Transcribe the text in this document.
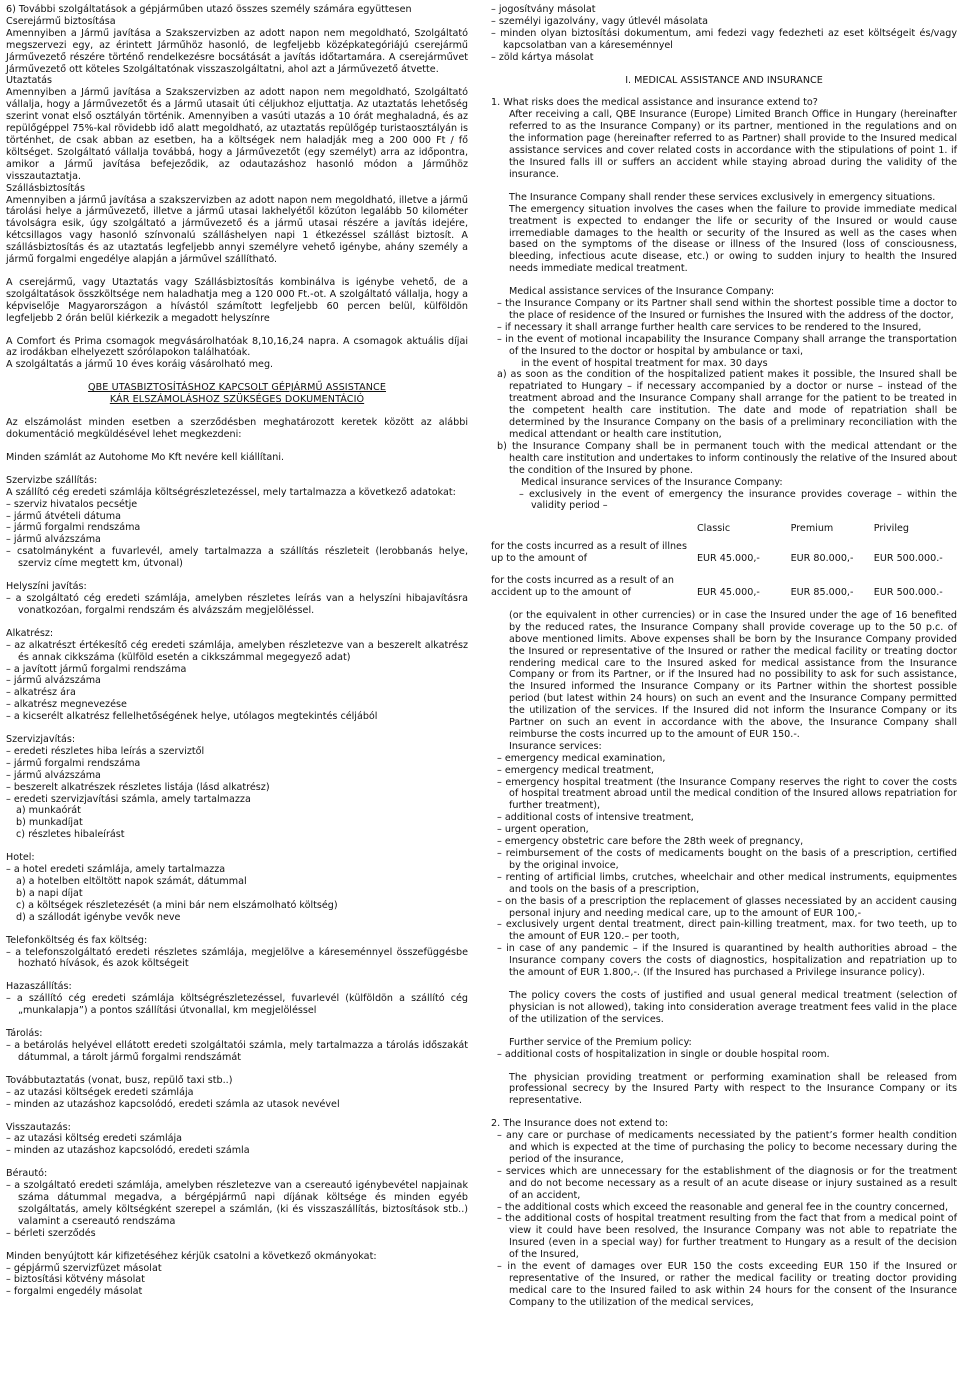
6) További szolgáltatások a gépjárműben utazó összes személy számára együttesen

Cserejármű biztosítása

Amennyiben a Jármű javítása a Szakszervizben az adott napon nem megoldható, Szolgáltató megszervezi egy, az érintett Járműhöz hasonló, de legfeljebb középkategóriájú cserejármű Járművezető részére történő rendelkezésre bocsátását a javítás időtartamára. A cserejárművet Járművezető ott köteles Szolgáltatónak visszaszolgáltatni, ahol azt a Járművezető átvette.

Utaztatás

Amennyiben a Jármű javítása a Szakszervizben az adott napon nem megoldható, Szolgáltató vállalja, hogy a Járművezetőt és a Jármű utasait úti céljukhoz eljuttatja. Az utaztatás lehetőség szerint vonat első osztályán történik. Amennyiben a vasúti utazás a 10 órát meghaladná, és az repülőgéppel 75%-kal rövidebb idő alatt megoldható, az utaztatás repülőgép turistaosztályán is történhet, de csak abban az esetben, ha a költségek nem haladják meg a 200 000 Ft / fő költséget. Szolgáltató vállalja továbbá, hogy a Járművezetőt (egy személyt) arra az időpontra, amikor a Jármű javítása befejeződik, az odautazáshoz hasonló módon a Járműhöz visszautaztatja.

Szállásbiztosítás

Amennyiben a jármű javítása a szakszervizben az adott napon nem megoldható, illetve a jármű tárolási helye a járművezető, illetve a jármű utasai lakhelyétől közúton legalább 50 kilométer távolságra esik, úgy szolgáltató a járművezető és a jármű utasai részére a javítás idejére, kétcsillagos vagy hasonló színvonalú szálláshelyen napi 1 étkezéssel szállást biztosít. A szállásbiztosítás és az utaztatás legfeljebb annyi személyre vehető igénybe, ahány személy a jármű forgalmi engedélye alapján a járművel szállítható.

A cserejármű, vagy Utaztatás vagy Szállásbiztosítás kombinálva is igénybe vehető, de a szolgáltatások összköltsége nem haladhatja meg a 120 000 Ft.-ot. A szolgáltató vállalja, hogy a képviselője Magyarországon a hívástól számított legfeljebb 60 percen belül, külföldön legfeljebb 2 órán belül kiérkezik a megadott helyszínre

A Comfort és Prima csomagok megvásárolhatóak 8,10,16,24 napra. A csomagok aktuális díjai az irodákban elhelyezett szórólapokon találhatóak.

A szolgáltatás a jármű 10 éves koráig vásárolható meg.

QBE UTASBIZTOSÍTÁSHOZ KAPCSOLT GÉPJÁRMŰ ASSISTANCE

KÁR ELSZÁMOLÁSHOZ SZÜKSÉGES DOKUMENTÁCIÓ

Az elszámolást minden esetben a szerződésben meghatározott keretek között az alábbi dokumentáció megküldésével lehet megkezdeni:

Minden számlát az Autohome Mo Kft nevére kell kiállítani.

Szervizbe szállítás:

A szállító cég eredeti számlája költségrészletezéssel, mely tartalmazza a következő adatokat:

– szerviz hivatalos pecsétje

– jármű átvételi dátuma

– jármű forgalmi rendszáma

– jármű alvázszáma

– csatolmányként a fuvarlevél, amely tartalmazza a szállítás részleteit (lerobbanás helye, szerviz címe megtett km, útvonal)

Helyszíni javítás:

– a szolgáltató cég eredeti számlája, amelyben részletes leírás van a helyszíni hibajavításra vonatkozóan, forgalmi rendszám és alvázszám megjelöléssel.

Alkatrész:

– az alkatrészt értékesítő cég eredeti számlája, amelyben részletezve van a beszerelt alkatrész és annak cikkszáma (külföld esetén a cikkszámmal megegyező adat)

– a javított jármű forgalmi rendszáma

– jármű alvázszáma

– alkatrész ára

– alkatrész megnevezése

– a kicserélt alkatrész fellelhetőségének helye, utólagos megtekintés céljából

Szervizjavítás:

– eredeti részletes hiba leírás a szerviztől

– jármű forgalmi rendszáma

– jármű alvázszáma

– beszerelt alkatrészek részletes listája (lásd alkatrész)

– eredeti szervizjavítási számla, amely tartalmazza

a) munkaórát

b) munkadíjat

c) részletes hibaleírást

Hotel:

– a hotel eredeti számlája, amely tartalmazza

a) a hotelben eltöltött napok számát, dátummal

b) a napi díjat

c) a költségek részletezését (a mini bár nem elszámolható költség)

d) a szállodát igénybe vevők neve

Telefonköltség és fax költség:

– a telefonszolgáltató eredeti részletes számlája, megjelölve a káreseménnyel összefüggésbe hozható hívások, és azok költségeit

Hazaszállítás:

– a szállító cég eredeti számlája költségrészletezéssel, fuvarlevél (külföldön a szállító cég „munkalapja”) a pontos szállítási útvonallal, km megjelöléssel

Tárolás:

– a betárolás helyével ellátott eredeti szolgáltatói számla, mely tartalmazza a tárolás időszakát dátummal, a tárolt jármű forgalmi rendszámát

Továbbutaztatás (vonat, busz, repülő taxi stb..)

– az utazási költségek eredeti számlája

– minden az utazáshoz kapcsolódó, eredeti számla az utasok nevével

Visszautazás:

– az utazási költség eredeti számlája

– minden az utazáshoz kapcsolódó, eredeti számla

Bérautó:

– a szolgáltató eredeti számlája, amelyben részletezve van a csereautó igénybevétel napjainak száma dátummal megadva, a bérgépjármű napi díjának költsége és minden egyéb szolgáltatás, amely költségként szerepel a számlán, (ki és visszaszállítás, biztosítások stb..) valamint a csereautó rendszáma

– bérleti szerződés

Minden benyújtott kár kifizetéséhez kérjük csatolni a következő okmányokat:

– gépjármű szervizfüzet másolat

– biztosítási kötvény másolat

– forgalmi engedély másolat

– jogosítvány másolat

– személyi igazolvány, vagy útlevél másolata

– minden olyan biztosítási dokumentum, ami fedezi vagy fedezheti az eset költségeit és/vagy kapcsolatban van a káreseménnyel

– zöld kártya másolat

I. MEDICAL ASSISTANCE AND INSURANCE

1. What risks does the medical assistance and insurance extend to?

After receiving a call, QBE Insurance (Europe) Limited Branch Office in Hungary (hereinafter referred to as the Insurance Company) or its partner, mentioned in the regulations and on the information page (hereinafter referred to as Partner) shall provide to the Insured medical assistance services and cover related costs in accordance with the stipulations of point 1. if the Insured falls ill or suffers an accident while staying abroad during the validity of the insurance.

The Insurance Company shall render these services exclusively in emergency situations.

The emergency situation involves the cases when the failure to provide immediate medical treatment is expected to endanger the life or security of the Insured or would cause irremediable damages to the health or security of the Insured as well as the cases when based on the symptoms of the disease or illness of the Insured (loss of consciousness, bleeding, infectious acute disease, etc.) or owing to sudden injury to health the Insured needs immediate medical treatment.

Medical assistance services of the Insurance Company:

– the Insurance Company or its Partner shall send within the shortest possible time a doctor to the place of residence of the Insured or furnishes the Insured with the address of the doctor,

– if necessary it shall arrange further health care services to be rendered to the Insured,

– in the event of motional incapability the Insurance Company shall arrange the transportation of the Insured to the doctor or hospital by ambulance or taxi,

in the event of hospital treatment for max. 30 days

a) as soon as the condition of the hospitalized patient makes it possible, the Insured shall be repatriated to Hungary – if necessary accompanied by a doctor or nurse – instead of the treatment abroad and the Insurance Company shall arrange for the patient to be treated in the competent health care institution. The date and mode of repatriation shall be determined by the Insurance Company on the basis of a preliminary reconciliation with the medical attendant or health care institution,

b) the Insurance Company shall be in permanent touch with the medical attendant or the health care institution and undertakes to inform continously the relative of the Insured about the condition of the Insured by phone.

Medical insurance services of the Insurance Company:

– exclusively in the event of emergency the insurance provides coverage – within the validity period –

	Classic	Premium	Privileg

for the costs incurred as a result of illnes up to the amount of	EUR 45.000,-	EUR 80.000,-	EUR 500.000.-

for the costs incurred as a result of an accident up to the amount of	EUR 45.000,-	EUR 85.000,-	EUR 500.000.-

(or the equivalent in other currencies) or in case the Insured under the age of 16 benefited by the reduced rates, the Insurance Company shall provide coverage up to the 50 p.c. of above mentioned limits. Above expenses shall be born by the Insurance Company provided the Insured or representative of the Insured or rather the medical facility or treating doctor rendering medical care to the Insured asked for medical assistance from the Insurance Company or from its Partner, or if the Insured had no possibility to ask for such assistance, the Insured informed the Insurance Company or its Partner within the shortest possible period (but latest within 24 hours) on such an event and the Insurance Company permitted the utilization of the services. If the Insured did not inform the Insurance Company or its Partner on such an event in accordance with the above, the Insurance Company shall reimburse the costs incurred up to the amount of EUR 150.-.

Insurance services:

– emergency medical examination,

– emergency medical treatment,

– emergency hospital treatment (the Insurance Company reserves the right to cover the costs of hospital treatment abroad until the medical condition of the Insured allows repatriation for further treatment),

– additional costs of intensive treatment,

– urgent operation,

– emergency obstetric care before the 28th week of pregnancy,

– reimbursement of the costs of medicaments bought on the basis of a prescription, certified by the original invoice,

– renting of artificial limbs, crutches, wheelchair and other medical instruments, equipmentes and tools on the basis of a prescription,

– on the basis of a prescription the replacement of glasses necessiated by an accident causing personal injury and needing medical care, up to the amount of EUR 100,-

– exclusively urgent dental treatment, direct pain-killing treatment, max. for two teeth, up to the amount of EUR 120.– per tooth,

– in case of any pandemic – if the Insured is quarantined by health authorities abroad – the Insurance company covers the costs of diagnostics, hospitalization and repatriation up to the amount of EUR 1.800,-. (If the Insured has purchased a Privilege insurance policy).

The policy covers the costs of justified and usual general medical treatment (selection of physician is not allowed), taking into consideration average treatment fees valid in the place of the utilization of the services.

Further service of the Premium policy:

– additional costs of hospitalization in single or double hospital room.

The physician providing treatment or performing examination shall be released from professional secrecy by the Insured Party with respect to the Insurance Company or its representative.

2. The Insurance does not extend to:

– any care or purchase of medicaments necessiated by the patient’s former health condition and which is expected at the time of purchasing the policy to become necessary during the period of the insurance,

– services which are unnecessary for the establishment of the diagnosis or for the treatment and do not become necessary as a result of an acute disease or injury sustained as a result of an accident,

– the additional costs which exceed the reasonable and general fee in the country concerned,

– the additional costs of hospital treatment resulting from the fact that from a medical point of view it could have been resolved, the Insurance Company was not able to repatriate the Insured (even in a special way) for further treatment to Hungary as a result of the decision of the Insured,

– in the event of damages over EUR 150 the costs exceeding EUR 150 if the Insured or representative of the Insured, or rather the medical facility or treating doctor providing medical care to the Insured failed to ask within 24 hours for the consent of the Insurance Company to the utilization of the medical services,
